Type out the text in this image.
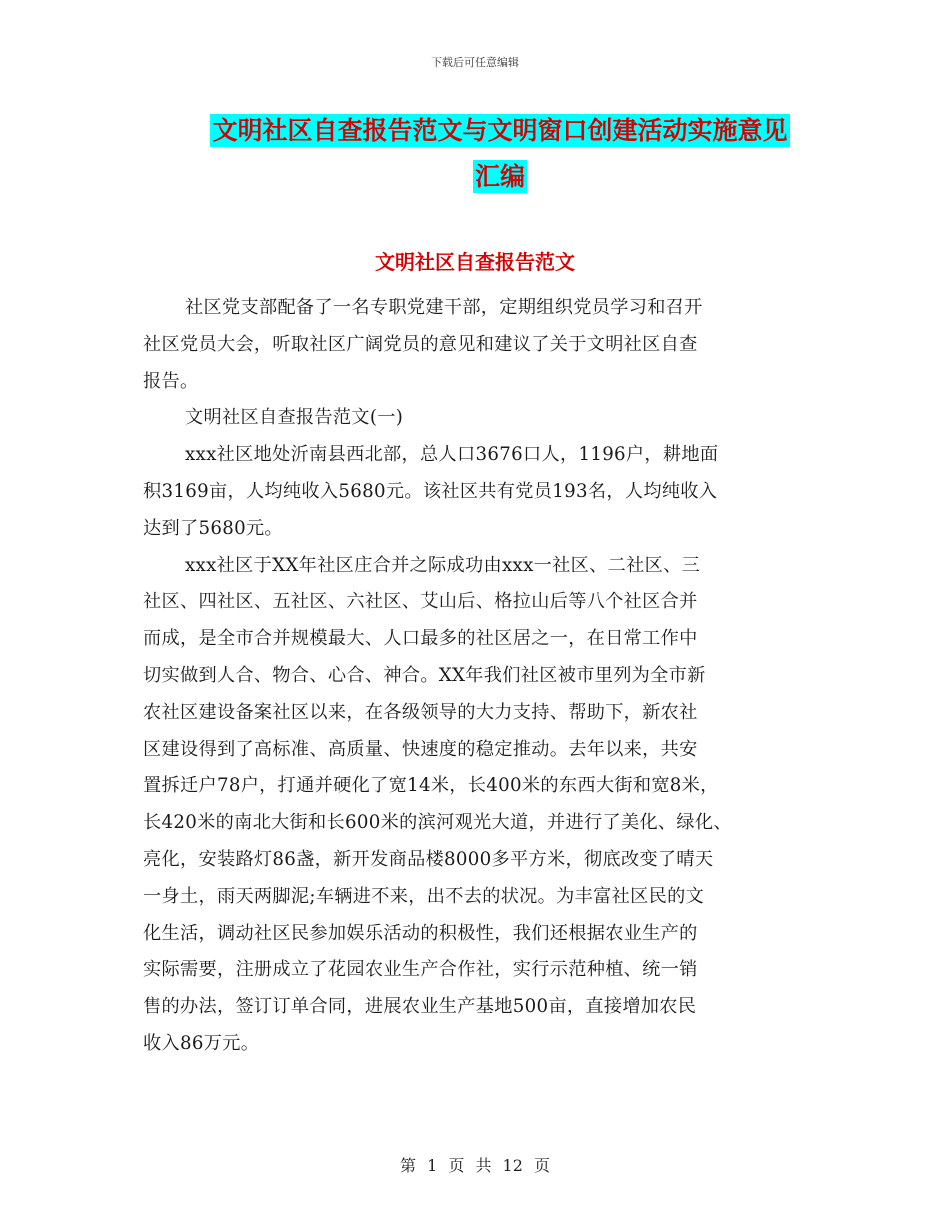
下载后可任意编辑
文明社区自查报告范文与文明窗口创建活动实施意见
汇编
文明社区自查报告范文
社区党支部配备了一名专职党建干部，定期组织党员学习和召开
社区党员大会，听取社区广阔党员的意见和建议了关于文明社区自查
报告。
文明社区自查报告范文(一)
xxx社区地处沂南县西北部，总人口3676口人，1196户，耕地面
积3169亩，人均纯收入5680元。该社区共有党员193名，人均纯收入
达到了5680元。
xxx社区于XX年社区庄合并之际成功由xxx一社区、二社区、三
社区、四社区、五社区、六社区、艾山后、格拉山后等八个社区合并
而成，是全市合并规模最大、人口最多的社区居之一，在日常工作中
切实做到人合、物合、心合、神合。XX年我们社区被市里列为全市新
农社区建设备案社区以来，在各级领导的大力支持、帮助下，新农社
区建设得到了高标准、高质量、快速度的稳定推动。去年以来，共安
置拆迁户78户，打通并硬化了宽14米，长400米的东西大街和宽8米，
长420米的南北大街和长600米的滨河观光大道，并进行了美化、绿化、
亮化，安装路灯86盏，新开发商品楼8000多平方米，彻底改变了晴天
一身土，雨天两脚泥;车辆进不来，出不去的状况。为丰富社区民的文
化生活，调动社区民参加娱乐活动的积极性，我们还根据农业生产的
实际需要，注册成立了花园农业生产合作社，实行示范种植、统一销
售的办法，签订订单合同，进展农业生产基地500亩，直接增加农民
收入86万元。
第 1 页 共 12 页
